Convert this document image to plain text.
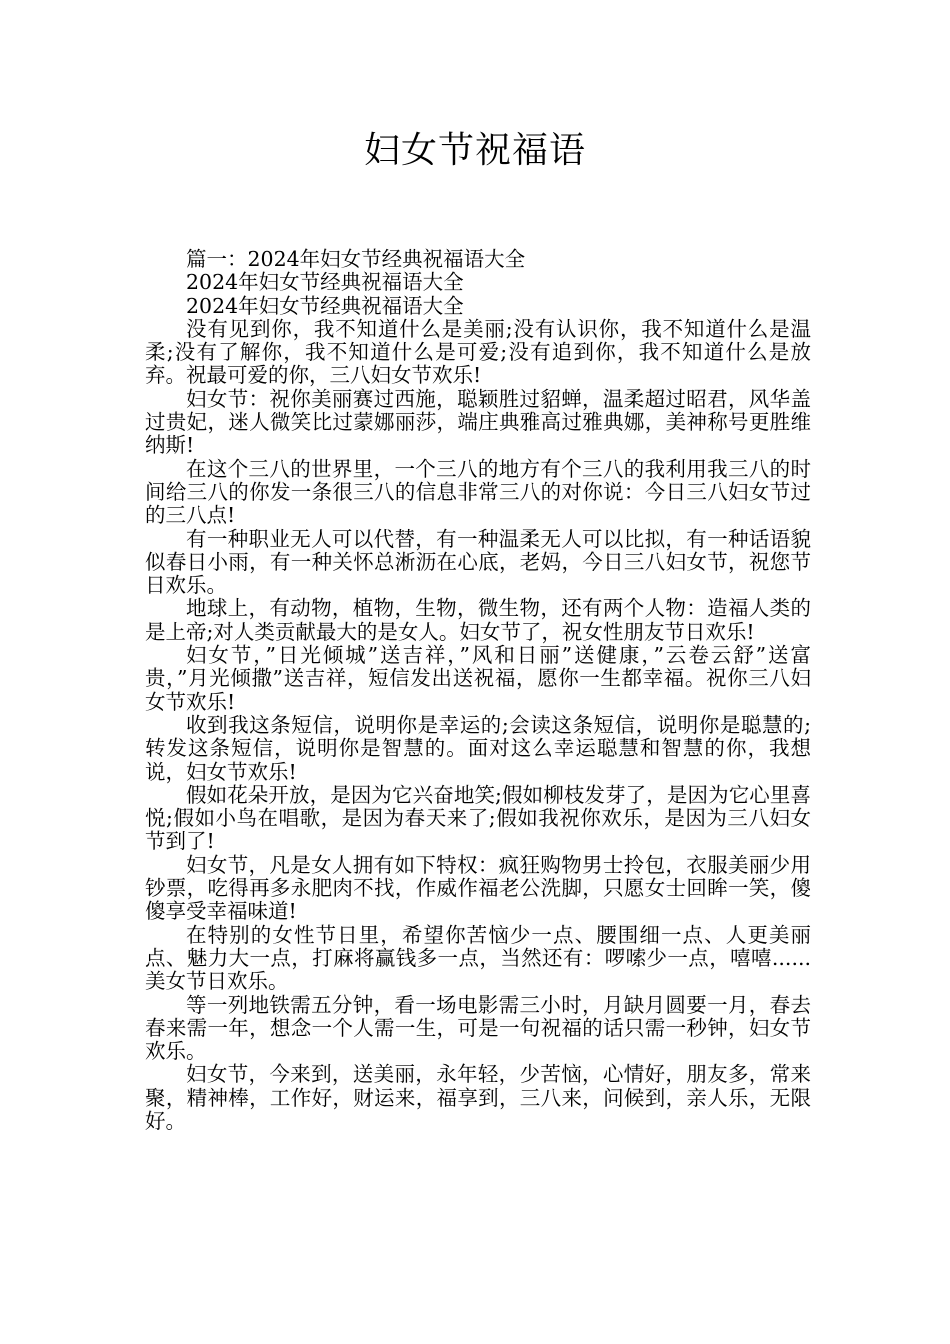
妇女节祝福语

篇一：2024年妇女节经典祝福语大全

2024年妇女节经典祝福语大全

2024年妇女节经典祝福语大全

没有见到你，我不知道什么是美丽;没有认识你，我不知道什么是温柔;没有了解你，我不知道什么是可爱;没有追到你，我不知道什么是放弃。祝最可爱的你，三八妇女节欢乐!

妇女节：祝你美丽赛过西施，聪颖胜过貂蝉，温柔超过昭君，风华盖过贵妃，迷人微笑比过蒙娜丽莎，端庄典雅高过雅典娜，美神称号更胜维纳斯!

在这个三八的世界里，一个三八的地方有个三八的我利用我三八的时间给三八的你发一条很三八的信息非常三八的对你说：今日三八妇女节过的三八点!

有一种职业无人可以代替，有一种温柔无人可以比拟，有一种话语貌似春日小雨，有一种关怀总淅沥在心底，老妈，今日三八妇女节，祝您节日欢乐。

地球上，有动物，植物，生物，微生物，还有两个人物：造福人类的是上帝;对人类贡献最大的是女人。妇女节了，祝女性朋友节日欢乐!

妇女节，”日光倾城”送吉祥，”风和日丽”送健康，”云卷云舒”送富贵，”月光倾撒”送吉祥，短信发出送祝福，愿你一生都幸福。祝你三八妇女节欢乐!

收到我这条短信，说明你是幸运的;会读这条短信，说明你是聪慧的;转发这条短信，说明你是智慧的。面对这么幸运聪慧和智慧的你，我想说，妇女节欢乐!

假如花朵开放，是因为它兴奋地笑;假如柳枝发芽了，是因为它心里喜悦;假如小鸟在唱歌，是因为春天来了;假如我祝你欢乐，是因为三八妇女节到了!

妇女节，凡是女人拥有如下特权：疯狂购物男士拎包，衣服美丽少用钞票，吃得再多永肥肉不找，作威作福老公洗脚，只愿女士回眸一笑，傻傻享受幸福味道!

在特别的女性节日里，希望你苦恼少一点、腰围细一点、人更美丽点、魅力大一点，打麻将赢钱多一点，当然还有：啰嗦少一点，嘻嘻......美女节日欢乐。

等一列地铁需五分钟，看一场电影需三小时，月缺月圆要一月，春去春来需一年，想念一个人需一生，可是一句祝福的话只需一秒钟，妇女节欢乐。

妇女节，今来到，送美丽，永年轻，少苦恼，心情好，朋友多，常来聚，精神棒，工作好，财运来，福享到，三八来，问候到，亲人乐，无限好。
